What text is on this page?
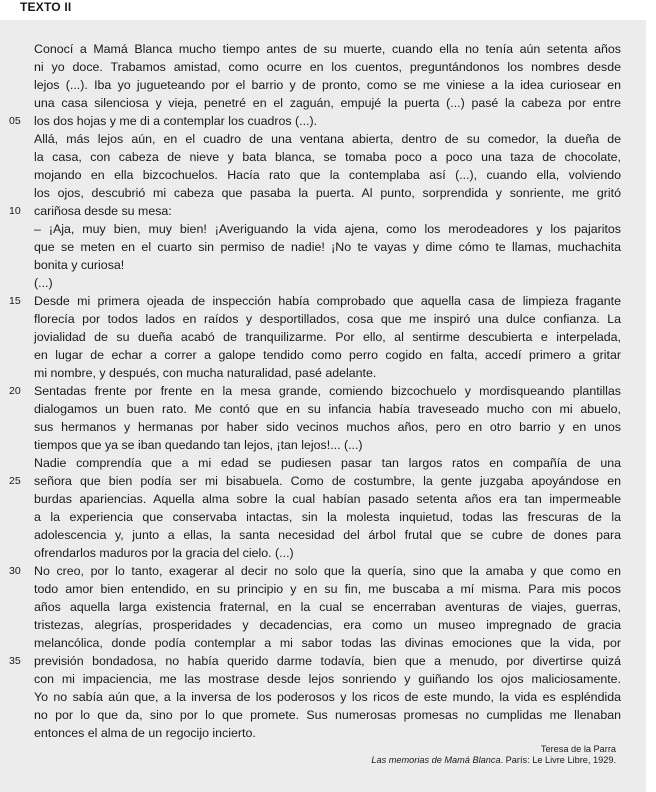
TEXTO II
Conocí a Mamá Blanca mucho tiempo antes de su muerte, cuando ella no tenía aún setenta años
ni yo doce. Trabamos amistad, como ocurre en los cuentos, preguntándonos los nombres desde
lejos (...). Iba yo jugueteando por el barrio y de pronto, como se me viniese a la idea curiosear en
una casa silenciosa y vieja, penetré en el zaguán, empujé la puerta (...) pasé la cabeza por entre
los dos hojas y me di a contemplar los cuadros (...).
Allá, más lejos aún, en el cuadro de una ventana abierta, dentro de su comedor, la dueña de
la casa, con cabeza de nieve y bata blanca, se tomaba poco a poco una taza de chocolate,
mojando en ella bizcochuelos. Hacía rato que la contemplaba así (...), cuando ella, volviendo
los ojos, descubrió mi cabeza que pasaba la puerta. Al punto, sorprendida y sonriente, me gritó
cariñosa desde su mesa:
– ¡Aja, muy bien, muy bien! ¡Averiguando la vida ajena, como los merodeadores y los pajaritos
que se meten en el cuarto sin permiso de nadie! ¡No te vayas y dime cómo te llamas, muchachita
bonita y curiosa!
(...)
Desde mi primera ojeada de inspección había comprobado que aquella casa de limpieza fragante
florecía por todos lados en raídos y desportillados, cosa que me inspiró una dulce confianza. La
jovialidad de su dueña acabó de tranquilizarme. Por ello, al sentirme descubierta e interpelada,
en lugar de echar a correr a galope tendido como perro cogido en falta, accedí primero a gritar
mi nombre, y después, con mucha naturalidad, pasé adelante.
Sentadas frente por frente en la mesa grande, comiendo bizcochuelo y mordisqueando plantillas
dialogamos un buen rato. Me contó que en su infancia había traveseado mucho con mi abuelo,
sus hermanos y hermanas por haber sido vecinos muchos años, pero en otro barrio y en unos
tiempos que ya se iban quedando tan lejos, ¡tan lejos!... (...)
Nadie comprendía que a mi edad se pudiesen pasar tan largos ratos en compañía de una
señora que bien podía ser mi bisabuela. Como de costumbre, la gente juzgaba apoyándose en
burdas apariencias. Aquella alma sobre la cual habían pasado setenta años era tan impermeable
a la experiencia que conservaba intactas, sin la molesta inquietud, todas las frescuras de la
adolescencia y, junto a ellas, la santa necesidad del árbol frutal que se cubre de dones para
ofrendarlos maduros por la gracia del cielo. (...)
No creo, por lo tanto, exagerar al decir no solo que la quería, sino que la amaba y que como en
todo amor bien entendido, en su principio y en su fin, me buscaba a mí misma. Para mis pocos
años aquella larga existencia fraternal, en la cual se encerraban aventuras de viajes, guerras,
tristezas, alegrías, prosperidades y decadencias, era como un museo impregnado de gracia
melancólica, donde podía contemplar a mi sabor todas las divinas emociones que la vida, por
previsión bondadosa, no había querido darme todavía, bien que a menudo, por divertirse quizá
con mi impaciencia, me las mostrase desde lejos sonriendo y guiñando los ojos maliciosamente.
Yo no sabía aún que, a la inversa de los poderosos y los ricos de este mundo, la vida es espléndida
no por lo que da, sino por lo que promete. Sus numerosas promesas no cumplidas me llenaban
entonces el alma de un regocijo incierto.
05
10
15
20
25
30
35
Teresa de la Parra
Las memorias de Mamá Blanca. París: Le Livre Libre, 1929.
